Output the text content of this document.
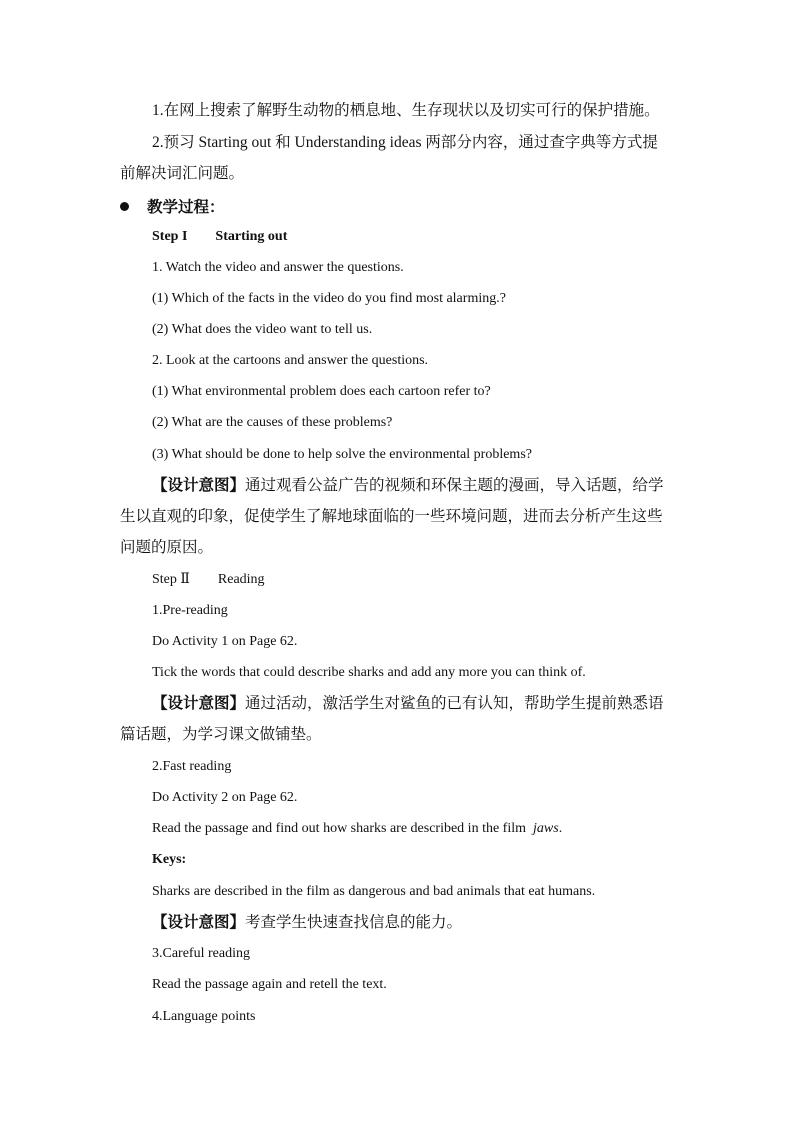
1.在网上搜索了解野生动物的栖息地、生存现状以及切实可行的保护措施。
2.预习 Starting out 和 Understanding ideas 两部分内容，通过查字典等方式提
前解决词汇问题。
教学过程：
Step I Starting out
1. Watch the video and answer the questions.
(1) Which of the facts in the video do you find most alarming.?
(2) What does the video want to tell us.
2. Look at the cartoons and answer the questions.
(1) What environmental problem does each cartoon refer to?
(2) What are the causes of these problems?
(3) What should be done to help solve the environmental problems?
【设计意图】通过观看公益广告的视频和环保主题的漫画，导入话题，给学
生以直观的印象，促使学生了解地球面临的一些环境问题，进而去分析产生这些
问题的原因。
Step Ⅱ Reading
1.Pre-reading
Do Activity 1 on Page 62.
Tick the words that could describe sharks and add any more you can think of.
【设计意图】通过活动，激活学生对鲨鱼的已有认知，帮助学生提前熟悉语
篇话题，为学习课文做铺垫。
2.Fast reading
Do Activity 2 on Page 62.
Read the passage and find out how sharks are described in the film jaws.
Keys:
Sharks are described in the film as dangerous and bad animals that eat humans.
【设计意图】考查学生快速查找信息的能力。
3.Careful reading
Read the passage again and retell the text.
4.Language points
